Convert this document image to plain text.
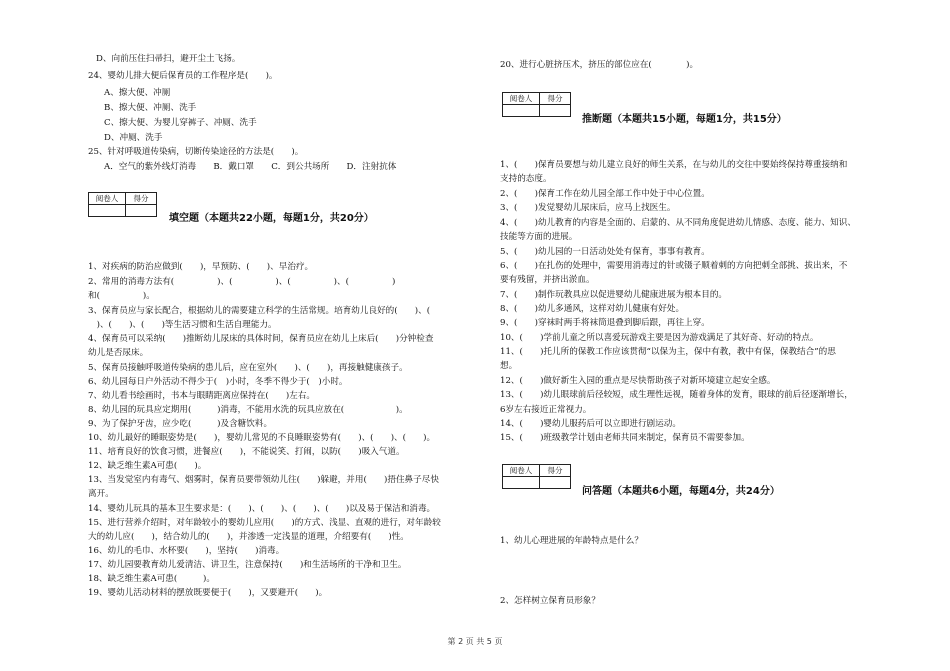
D、向前压住扫帚扫，避开尘土飞扬。
24、婴幼儿排大便后保育员的工作程序是(　　)。
A、擦大便、冲厕
B、擦大便、冲厕、洗手
C、擦大便、为婴儿穿裤子、冲厕、洗手
D、冲厕、洗手
25、针对呼吸道传染病，切断传染途径的方法是(　　)。
A．空气的紫外线灯消毒　　B．戴口罩　　C．到公共场所　　D．注射抗体
阅卷人	得分

填空题（本题共22小题，每题1分，共20分）
1、对疾病的防治应做到(　　)，早预防、(　　)、早治疗。
2、常用的消毒方法有(　　　　　)、(　　　　　)、(　　　　　)、(　　　　　)
和(　　　　　)。
3、保育员应与家长配合，根据幼儿的需要建立科学的生活常规。培育幼儿良好的(　　)、(
　)、(　　)、(　　)等生活习惯和生活自理能力。
4、保育员可以采纳(　　)推断幼儿尿床的具体时间，保育员应在幼儿上床后(　　)分钟检查
幼儿是否尿床。
5、保育员接触呼吸道传染病的患儿后，应在室外(　　)、(　　)，再接触健康孩子。
6、幼儿园每日户外活动不得少于(　)小时，冬季不得少于(　)小时。
7、幼儿看书绘画时，书本与眼睛距离应保持在(　　)左右。
8、幼儿园的玩具应定期用(　　　)消毒，不能用水洗的玩具应放在(　　　　　　)。
9、为了保护牙齿，应少吃(　　　)及含糖饮料。
10、幼儿最好的睡眠姿势是(　　)，婴幼儿常见的不良睡眠姿势有(　　)、(　　)、(　　)。
11、培育良好的饮食习惯，进餐应(　　)，不能说笑、打闹，以防(　　)吸入气道。
12、缺乏维生素A可患(　　)。
13、当发觉室内有毒气、烟雾时，保育员要带领幼儿往(　　)躲避，并用(　　)捂住鼻子尽快
离开。
14、婴幼儿玩具的基本卫生要求是：(　　)、(　　)、(　　)、(　　)以及易于保洁和消毒。
15、进行营养介绍时，对年龄较小的婴幼儿应用(　　)的方式、浅显、直观的进行，对年龄较
大的幼儿应(　　)，结合幼儿的(　　)，并渗透一定浅显的道理，介绍要有(　　)性。
16、幼儿的毛巾、水杯要(　　)，坚持(　　)消毒。
17、幼儿园要教育幼儿爱清洁、讲卫生，注意保持(　　)和生活场所的干净和卫生。
18、缺乏维生素A可患(　　　)。
19、婴幼儿活动材料的摆放既要便于(　　)，又要避开(　　)。
20、进行心脏挤压术，挤压的部位应在(　　　　)。
阅卷人	得分

推断题（本题共15小题，每题1分，共15分）
1、(　　)保育员要想与幼儿建立良好的师生关系，在与幼儿的交往中要始终保持尊重接纳和
支持的态度。
2、(　　)保育工作在幼儿园全部工作中处于中心位置。
3、(　　)发觉婴幼儿尿床后，应马上找医生。
4、(　　)幼儿教育的内容是全面的、启蒙的、从不同角度促进幼儿情感、态度、能力、知识、
技能等方面的进展。
5、(　　)幼儿园的一日活动处处有保育，事事有教育。
6、(　　)在扎伤的处理中，需要用消毒过的针或镊子顺着刺的方向把刺全部挑、拔出来，不
要有残留，并挤出淤血。
7、(　　)制作玩教具应以促进婴幼儿健康进展为根本目的。
8、(　　)幼儿多通风，这样对幼儿健康有好处。
9、(　　)穿袜时两手将袜筒退叠到脚后跟，再往上穿。
10、(　　)学前儿童之所以喜爱玩游戏主要是因为游戏满足了其好奇、好动的特点。
11、(　　)托儿所的保教工作应该贯彻“以保为主，保中有教，教中有保，保教结合”的思
想。
12、(　　)做好新生入园的重点是尽快帮助孩子对新环境建立起安全感。
13、(　　)幼儿眼球前后径较短，成生理性远视，随着身体的发育，眼球的前后径逐渐增长，
6岁左右接近正常视力。
14、(　　)婴幼儿服药后可以立即进行剧运动。
15、(　　)班级教学计划由老师共同来制定，保育员不需要参加。
阅卷人	得分

问答题（本题共6小题，每题4分，共24分）
1、幼儿心理进展的年龄特点是什么？
2、怎样树立保育员形象？
第 2 页 共 5 页
